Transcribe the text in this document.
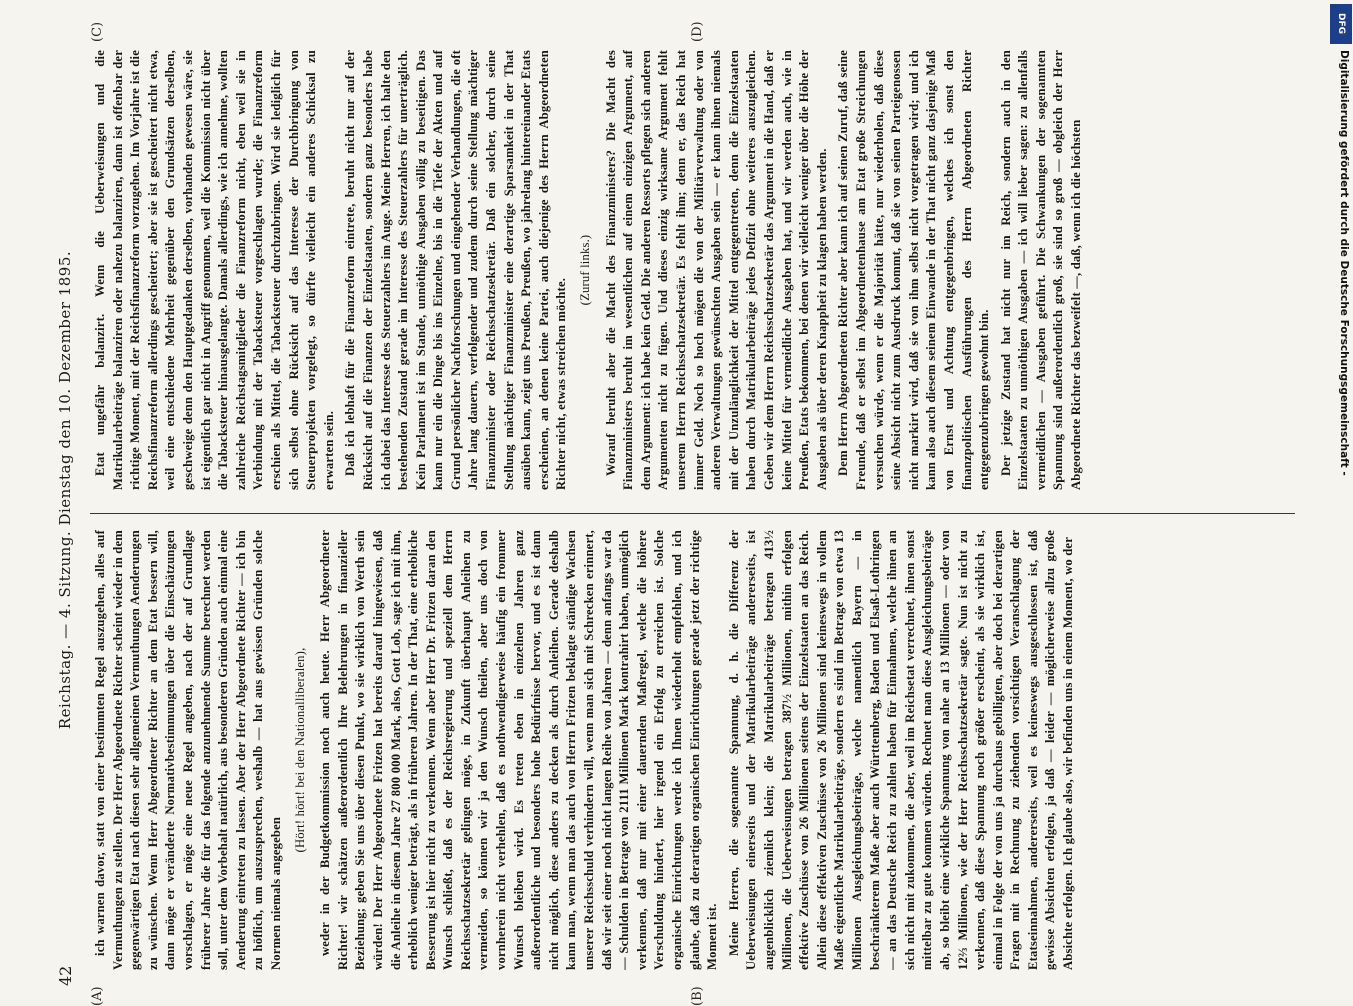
42
Reichstag. — 4. Sitzung. Dienstag den 10. Dezember 1895.
(A)	(B)
(C)	(D)

ich warnen davor, statt von einer bestimmten Regel auszugehen, alles auf Vermuthungen zu stellen. Der Herr Abgeordnete Richter scheint wieder in dem gegenwärtigen Etat nach diesen sehr allgemeinen Vermuthungen Aenderungen zu wünschen. Wenn Herr Abgeordneter Richter an dem Etat bessern will, dann möge er veränderte Normativbestimmungen über die Einschätzungen vorschlagen, er möge eine neue Regel angeben, nach der auf Grundlage früherer Jahre die für das folgende anzunehmende Summe berechnet werden soll, unter dem Vorbehalt natürlich, aus besonderen Gründen auch einmal eine Aenderung eintreten zu lassen. Aber der Herr Abgeordnete Richter — ich bin zu höflich, um auszusprechen, weshalb — hat aus gewissen Gründen solche Normen niemals angegeben

(Hört! hört! bei den Nationalliberalen), weder in der Budgetkommission noch auch heute. Herr Abgeordneter Richter! wir schätzen außerordentlich Ihre Belehrungen in finanzieller Beziehung; geben Sie uns über diesen Punkt, wo sie wirklich von Werth sein würden! Der Herr Abgeordnete Fritzen hat bereits darauf hingewiesen, daß die Anleihe in diesem Jahre 27 800 000 Mark, also, Gott Lob, sage ich mit ihm, erheblich weniger beträgt, als in früheren Jahren. In der That, eine erhebliche Besserung ist hier nicht zu verkennen. Wenn aber Herr Dr. Fritzen daran den Wunsch schließt, daß es der Reichsregierung und speziell dem Herrn Reichsschatzsekretär gelingen möge, in Zukunft überhaupt Anleihen zu vermeiden, so können wir ja den Wunsch theilen, aber uns doch von vornherein nicht verhehlen, daß es nothwendigerweise häufig ein frommer Wunsch bleiben wird. Es treten eben in einzelnen Jahren ganz außerordentliche und besonders hohe Bedürfnisse hervor, und es ist dann nicht möglich, diese anders zu decken als durch Anleihen. Gerade deshalb kann man, wenn man das auch von Herrn Fritzen beklagte ständige Wachsen unserer Reichsschuld verhindern will, wenn man sich mit Schrecken erinnert, daß wir seit einer noch nicht langen Reihe von Jahren — denn anfangs war da — Schulden in Betrage von 2111 Millionen Mark kontrahirt haben, unmöglich verkennen, daß nur mit einer dauernden Maßregel, welche die höhere Verschuldung hindert, hier irgend ein Erfolg zu erreichen ist. Solche organische Einrichtungen werde ich Ihnen wiederholt empfehlen, und ich glaube, daß zu derartigen organischen Einrichtungen gerade jetzt der richtige Moment ist. Meine Herren, die sogenannte Spannung, d. h. die Differenz der Ueberweisungen einerseits und der Matrikularbeiträge andererseits, ist augenblicklich ziemlich klein; die Matrikularbeiträge betragen 413½ Millionen, die Ueberweisungen betragen 387½ Millionen, mithin erfolgen effektive Zuschüsse von 26 Millionen seitens der Einzelstaaten an das Reich. Allein diese effektiven Zuschüsse von 26 Millionen sind keineswegs in vollem Maße eigentliche Matrikularbeiträge, sondern es sind im Betrage von etwa 13 Millionen Ausgleichungsbeiträge, welche namentlich Bayern — in beschränkterem Maße aber auch Württemberg, Baden und Elsaß-Lothringen — an das Deutsche Reich zu zahlen haben für Einnahmen, welche ihnen an sich nicht mit zukommen, die aber, weil im Reichsetat verrechnet, ihnen sonst mittelbar zu gute kommen würden. Rechnet man diese Ausgleichungsbeiträge ab, so bleibt eine wirkliche Spannung von nahe an 13 Millionen — oder von 12⅔ Millionen, wie der Herr Reichsschatzsekretär sagte. Nun ist nicht zu verkennen, daß diese Spannung noch größer erscheint, als sie wirklich ist, einmal in Folge der von uns ja durchaus gebilligten, aber doch bei derartigen Fragen mit in Rechnung zu ziehenden vorsichtigen Veranschlagung der Etatseinnahmen, andererseits, weil es keineswegs ausgeschlossen ist, daß gewisse Absichten erfolgen, ja daß — leider — möglicherweise allzu große Absichte erfolgen. Ich glaube also, wir befinden uns in einem Moment, wo der

Etat ungefähr balanzirt. Wenn die Ueberweisungen und die Matrikularbeiträge balanziren oder nahezu balanziren, dann ist offenbar der richtige Moment, mit der Reichsfinanzreform vorzugehen. Im Vorjahre ist die Reichsfinanzreform allerdings gescheitert; aber sie ist gescheitert nicht etwa, weil eine entschiedene Mehrheit gegenüber den Grundsätzen derselben, geschweige denn den Hauptgedanken derselben, vorhanden gewesen wäre, sie ist eigentlich gar nicht in Angriff genommen, weil die Kommission nicht über die Tabacksteuer hinausgelangte. Damals allerdings, wie ich annehme, wollten zahlreiche Reichstagsmitglieder die Finanzreform nicht, eben weil sie in Verbindung mit der Tabacksteuer vorgeschlagen wurde; die Finanzreform erschien als Mittel, die Tabacksteuer durchzubringen. Wird sie lediglich für sich selbst ohne Rücksicht auf das Interesse der Durchbringung von Steuerprojekten vorgelegt, so dürfte vielleicht ein anderes Schicksal zu erwarten sein. Daß ich lebhaft für die Finanzreform eintrete, beruht nicht nur auf der Rücksicht auf die Finanzen der Einzelstaaten, sondern ganz besonders habe ich dabei das Interesse des Steuerzahlers im Auge. Meine Herren, ich halte den bestehenden Zustand gerade im Interesse des Steuerzahlers für unerträglich. Kein Parlament ist im Stande, unnöthige Ausgaben völlig zu beseitigen. Das kann nur ein die Dinge bis ins Einzelne, bis in die Tiefe der Akten und auf Grund persönlicher Nachforschungen und eingehender Verhandlungen, die oft Jahre lang dauern, verfolgender und zudem durch seine Stellung mächtiger Finanzminister oder Reichsschatzsekretär. Daß ein solcher, durch seine Stellung mächtiger Finanzminister eine derartige Sparsamkeit in der That ausüben kann, zeigt uns Preußen, Preußen, wo jahrelang hintereinander Etats erscheinen, an denen keine Partei, auch diejenige des Herrn Abgeordneten Richter nicht, etwas streichen möchte.

(Zuruf links.) Worauf beruht aber die Macht des Finanzministers? Die Macht des Finanzministers beruht im wesentlichen auf einem einzigen Argument, auf dem Argument: ich habe kein Geld. Die anderen Ressorts pflegen sich anderen Argumenten nicht zu fügen. Und dieses einzig wirksame Argument fehlt unserem Herrn Reichsschatzsekretär. Es fehlt ihm; denn er, das Reich hat immer Geld. Noch so hoch mögen die von der Militärverwaltung oder von anderen Verwaltungen gewünschten Ausgaben sein — er kann ihnen niemals mit der Unzulänglichkeit der Mittel entgegentreten, denn die Einzelstaaten haben durch Matrikularbeiträge jedes Defizit ohne weiteres auszugleichen. Geben wir dem Herrn Reichsschatzsekretär das Argument in die Hand, daß er keine Mittel für vermeidliche Ausgaben hat, und wir werden auch, wie in Preußen, Etats bekommen, bei denen wir vielleicht weniger über die Höhe der Ausgaben als über deren Knappheit zu klagen haben werden. Dem Herrn Abgeordneten Richter aber kann ich auf seinen Zuruf, daß seine Freunde, daß er selbst im Abgeordnetenhause am Etat große Streichungen versuchen würde, wenn er die Majorität hätte, nur wiederholen, daß diese seine Absicht nicht zum Ausdruck kommt, daß sie von seinen Parteigenossen nicht markirt wird, daß sie von ihm selbst nicht vorgetragen wird; und ich kann also auch diesem seinem Einwande in der That nicht ganz dasjenige Maß von Ernst und Achtung entgegenbringen, welches ich sonst den finanzpolitischen Ausführungen des Herrn Abgeordneten Richter entgegenzubringen gewohnt bin. Der jetzige Zustand hat nicht nur im Reich, sondern auch in den Einzelstaaten zu unnöthigen Ausgaben — ich will lieber sagen: zu allenfalls vermeidlichen — Ausgaben geführt. Die Schwankungen der sogenannten Spannung sind außerordentlich groß, sie sind so groß — obgleich der Herr Abgeordnete Richter das bezweifelt —, daß, wenn ich die höchsten

DFG
Digitalisierung gefördert durch die Deutsche Forschungsgemeinschaft -
